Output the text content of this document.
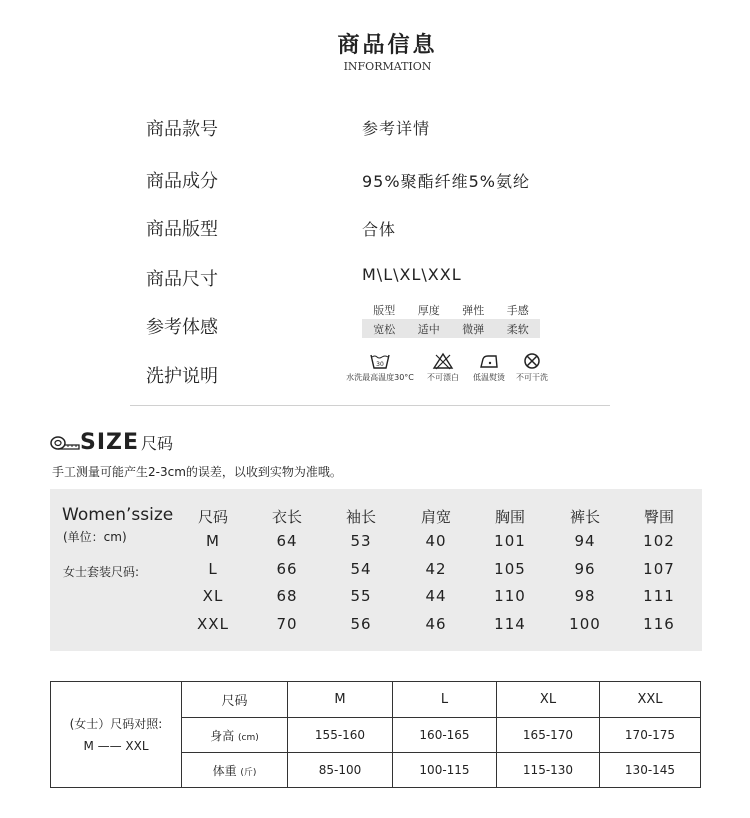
商品信息
INFORMATION
商品款号	参考详情
商品成分	95%聚酯纤维5%氨纶
商品版型	合体
商品尺寸	M\L\XL\XXL
参考体感
版型	厚度	弹性	手感
宽松	适中	微弹	柔软
洗护说明
30
水洗最高温度30°C	不可漂白	低温熨烫	不可干洗
SIZE 尺码
手工测量可能产生2-3cm的误差，以收到实物为准哦。
Women’ssize
(单位：cm)
女士套装尺码:
尺码	衣长	袖长	肩宽	胸围	裤长	臀围
M	64	53	40	101	94	102
L	66	54	42	105	96	107
XL	68	55	44	110	98	111
XXL	70	56	46	114	100	116
(女士）尺码对照:
M —— XXL	尺码	M	L	XL	XXL
	身高 (cm)	155-160	160-165	165-170	170-175
	体重 (斤)	85-100	100-115	115-130	130-145
